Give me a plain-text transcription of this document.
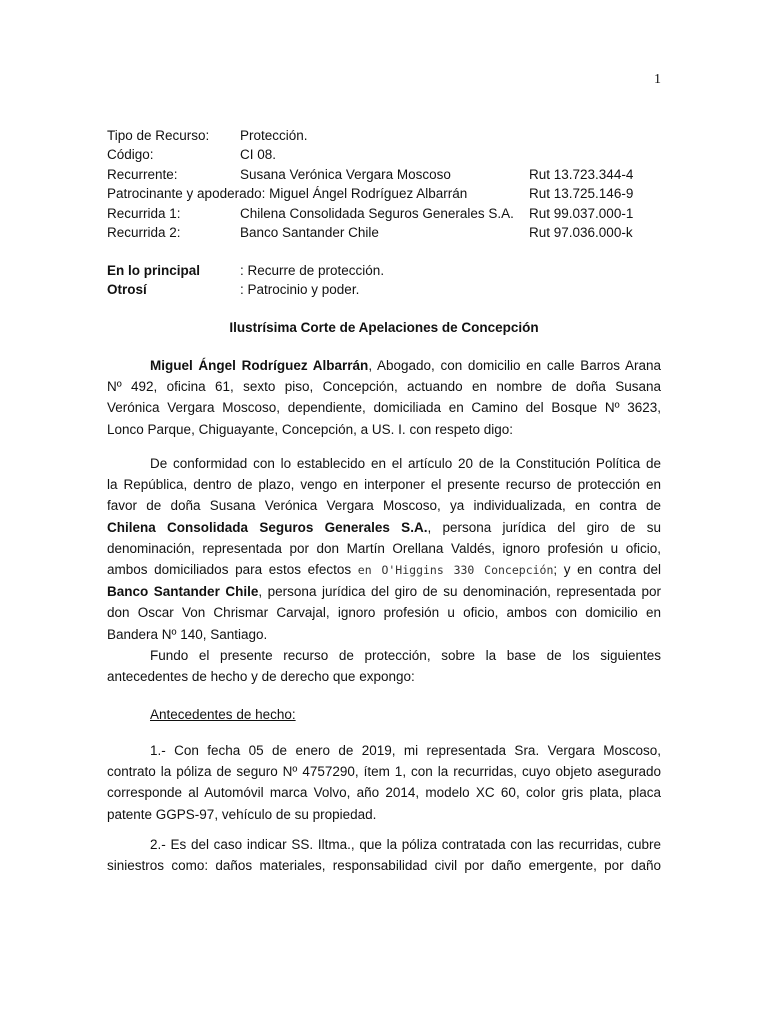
1
Tipo de Recurso: Protección.
Código:	CI 08.
Recurrente:	Susana Verónica Vergara Moscoso	Rut 13.723.344-4
Patrocinante y apoderado: Miguel Ángel Rodríguez Albarrán	Rut 13.725.146-9
Recurrida 1:	Chilena Consolidada Seguros Generales S.A. Rut 99.037.000-1
Recurrida 2:	Banco Santander Chile	Rut 97.036.000-k
En lo principal	: Recurre de protección.
Otrosí	: Patrocinio y poder.
Ilustrísima Corte de Apelaciones de Concepción
Miguel Ángel Rodríguez Albarrán, Abogado, con domicilio en calle Barros Arana
Nº 492, oficina 61, sexto piso, Concepción, actuando en nombre de doña Susana
Verónica Vergara Moscoso, dependiente, domiciliada en Camino del Bosque Nº 3623,
Lonco Parque, Chiguayante, Concepción, a US. I. con respeto digo:
De conformidad con lo establecido en el artículo 20 de la Constitución Política de
la República, dentro de plazo, vengo en interponer el presente recurso de protección en
favor de doña Susana Verónica Vergara Moscoso, ya individualizada, en contra de
Chilena Consolidada Seguros Generales S.A., persona jurídica del giro de su
denominación, representada por don Martín Orellana Valdés, ignoro profesión u oficio,
ambos domiciliados para estos efectos en O'Higgins 330 Concepción; y en contra del
Banco Santander Chile, persona jurídica del giro de su denominación, representada por
don Oscar Von Chrismar Carvajal, ignoro profesión u oficio, ambos con domicilio en
Bandera Nº 140, Santiago.
Fundo el presente recurso de protección, sobre la base de los siguientes
antecedentes de hecho y de derecho que expongo:
Antecedentes de hecho:
1.- Con fecha 05 de enero de 2019, mi representada Sra. Vergara Moscoso,
contrato la póliza de seguro Nº 4757290, ítem 1, con la recurridas, cuyo objeto asegurado
corresponde al Automóvil marca Volvo, año 2014, modelo XC 60, color gris plata, placa
patente GGPS-97, vehículo de su propiedad.
2.- Es del caso indicar SS. Iltma., que la póliza contratada con las recurridas, cubre
siniestros como: daños materiales, responsabilidad civil por daño emergente, por daño
